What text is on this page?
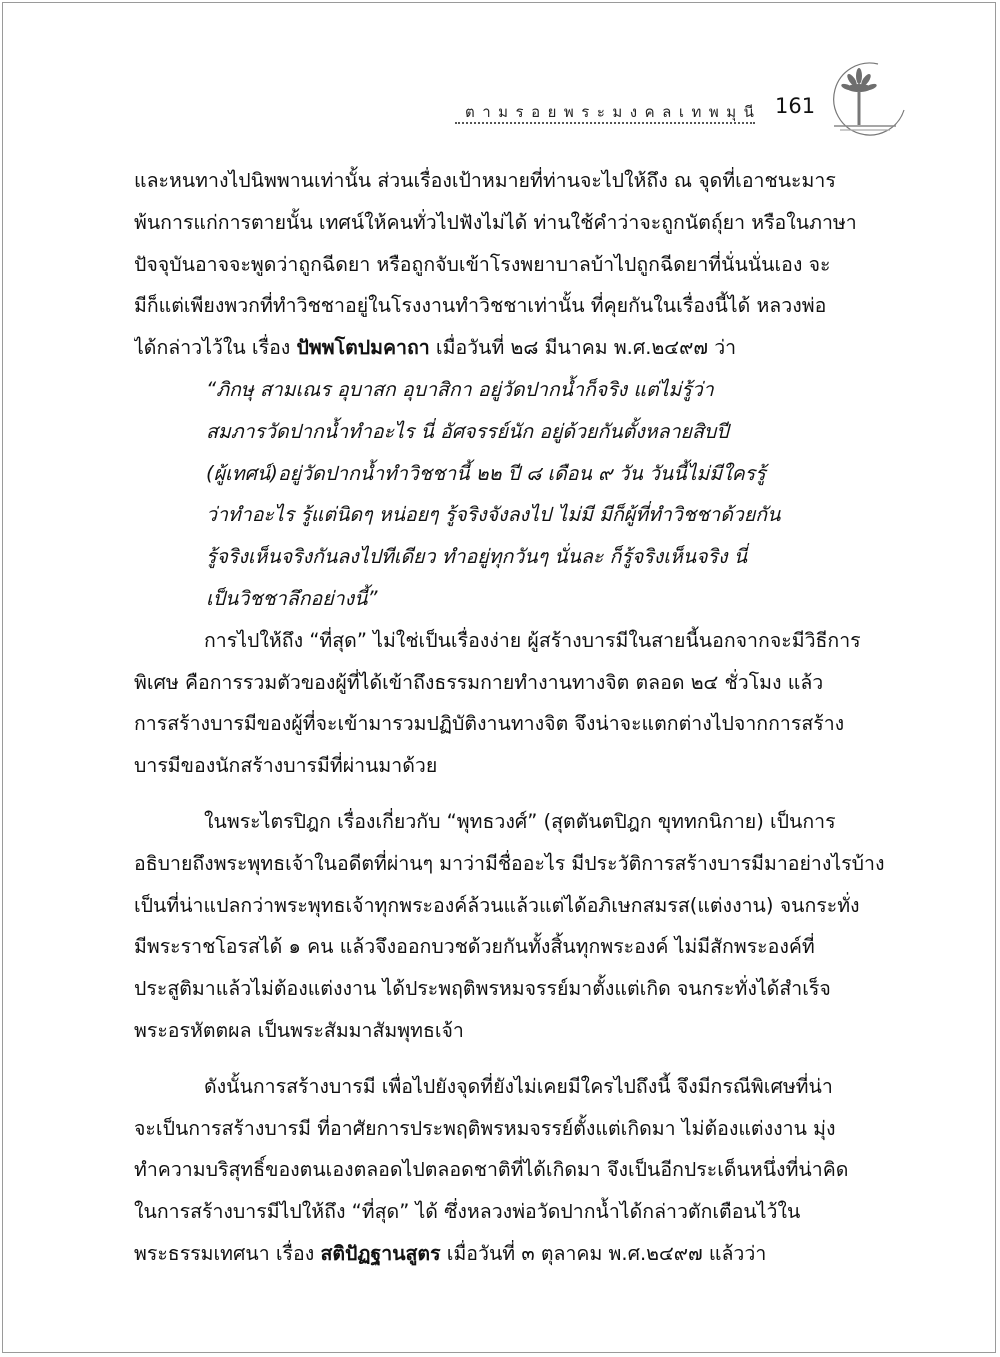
ตามรอยพระมงคลเทพมุนี 161
และหนทางไปนิพพานเท่านั้น ส่วนเรื่องเป้าหมายที่ท่านจะไปให้ถึง ณ จุดที่เอาชนะมาร
พ้นการแก่การตายนั้น เทศน์ให้คนทั่วไปฟังไม่ได้ ท่านใช้คำว่าจะถูกนัตถุ์ยา หรือในภาษา
ปัจจุบันอาจจะพูดว่าถูกฉีดยา หรือถูกจับเข้าโรงพยาบาลบ้าไปถูกฉีดยาที่นั่นนั่นเอง จะ
มีก็แต่เพียงพวกที่ทำวิชชาอยู่ในโรงงานทำวิชชาเท่านั้น ที่คุยกันในเรื่องนี้ได้ หลวงพ่อ
ได้กล่าวไว้ใน เรื่อง ปัพพโตปมคาถา เมื่อวันที่ ๒๘ มีนาคม พ.ศ.๒๔๙๗ ว่า
“ภิกษุ สามเณร อุบาสก อุบาสิกา อยู่วัดปากน้ำก็จริง แต่ไม่รู้ว่า
สมภารวัดปากน้ำทำอะไร นี่ อัศจรรย์นัก อยู่ด้วยกันตั้งหลายสิบปี
(ผู้เทศน์)อยู่วัดปากน้ำทำวิชชานี้ ๒๒ ปี ๘ เดือน ๙ วัน วันนี้ไม่มีใครรู้
ว่าทำอะไร รู้แต่นิดๆ หน่อยๆ รู้จริงจังลงไป ไม่มี มีก็ผู้ที่ทำวิชชาด้วยกัน
รู้จริงเห็นจริงกันลงไปทีเดียว ทำอยู่ทุกวันๆ นั่นละ ก็รู้จริงเห็นจริง นี่
เป็นวิชชาลึกอย่างนี้”
การไปให้ถึง “ที่สุด” ไม่ใช่เป็นเรื่องง่าย ผู้สร้างบารมีในสายนี้นอกจากจะมีวิธีการ
พิเศษ คือการรวมตัวของผู้ที่ได้เข้าถึงธรรมกายทำงานทางจิต ตลอด ๒๔ ชั่วโมง แล้ว
การสร้างบารมีของผู้ที่จะเข้ามารวมปฏิบัติงานทางจิต จึงน่าจะแตกต่างไปจากการสร้าง
บารมีของนักสร้างบารมีที่ผ่านมาด้วย
ในพระไตรปิฎก เรื่องเกี่ยวกับ “พุทธวงศ์” (สุตตันตปิฎก ขุททกนิกาย) เป็นการ
อธิบายถึงพระพุทธเจ้าในอดีตที่ผ่านๆ มาว่ามีชื่ออะไร มีประวัติการสร้างบารมีมาอย่างไรบ้าง
เป็นที่น่าแปลกว่าพระพุทธเจ้าทุกพระองค์ล้วนแล้วแต่ได้อภิเษกสมรส(แต่งงาน) จนกระทั่ง
มีพระราชโอรสได้ ๑ คน แล้วจึงออกบวชด้วยกันทั้งสิ้นทุกพระองค์ ไม่มีสักพระองค์ที่
ประสูติมาแล้วไม่ต้องแต่งงาน ได้ประพฤติพรหมจรรย์มาตั้งแต่เกิด จนกระทั่งได้สำเร็จ
พระอรหัตตผล เป็นพระสัมมาสัมพุทธเจ้า
ดังนั้นการสร้างบารมี เพื่อไปยังจุดที่ยังไม่เคยมีใครไปถึงนี้ จึงมีกรณีพิเศษที่น่า
จะเป็นการสร้างบารมี ที่อาศัยการประพฤติพรหมจรรย์ตั้งแต่เกิดมา ไม่ต้องแต่งงาน มุ่ง
ทำความบริสุทธิ์ของตนเองตลอดไปตลอดชาติที่ได้เกิดมา จึงเป็นอีกประเด็นหนึ่งที่น่าคิด
ในการสร้างบารมีไปให้ถึง “ที่สุด” ได้ ซึ่งหลวงพ่อวัดปากน้ำได้กล่าวตักเตือนไว้ใน
พระธรรมเทศนา เรื่อง สติปัฏฐานสูตร เมื่อวันที่ ๓ ตุลาคม พ.ศ.๒๔๙๗ แล้วว่า
